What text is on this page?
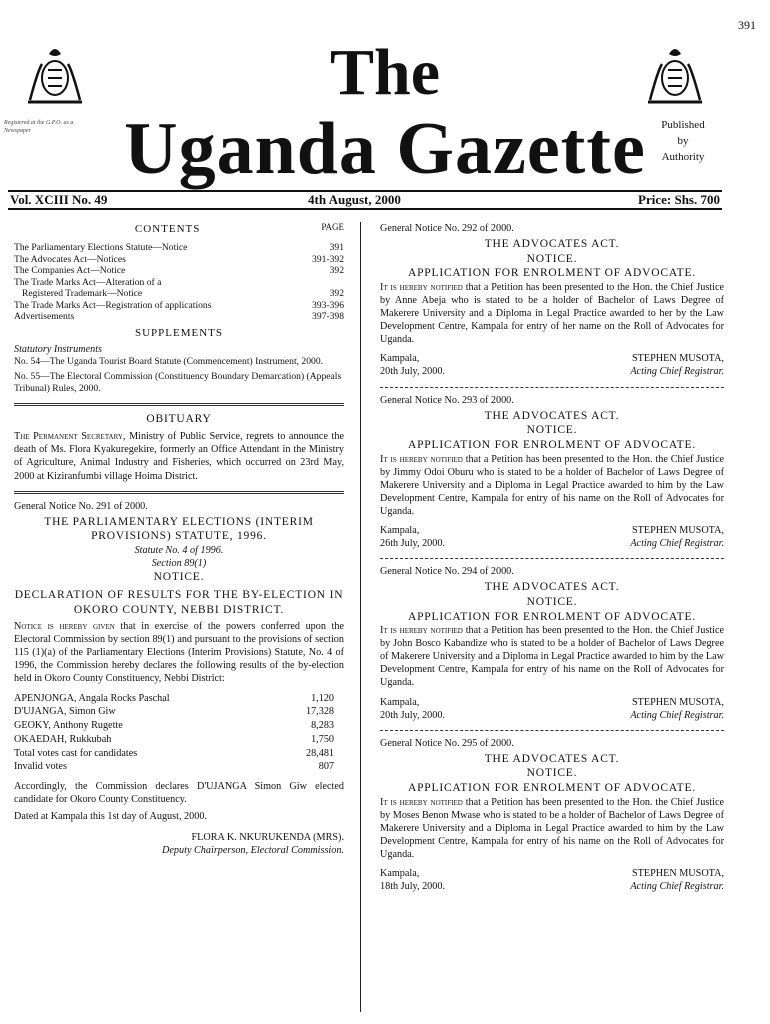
391
The
Uganda Gazette
Registered at the G.P.O. as a Newspaper	Published
by
Authority
Vol. XCIII No. 49	4th August, 2000	Price: Shs. 700
CONTENTS	PAGE
The Parliamentary Elections Statute—Notice	391
The Advocates Act—Notices	391-392
The Companies Act—Notice	392
The Trade Marks Act—Alteration of a
Registered Trademark—Notice	392
The Trade Marks Act—Registration of applications	393-396
Advertisements	397-398
SUPPLEMENTS
Statutory Instruments
No. 54—The Uganda Tourist Board Statute (Commencement) Instrument, 2000.
No. 55—The Electoral Commission (Constituency Boundary Demarcation) (Appeals Tribunal) Rules, 2000.
OBITUARY
The Permanent Secretary, Ministry of Public Service, regrets to announce the death of Ms. Flora Kyakuregekire, formerly an Office Attendant in the Ministry of Agriculture, Animal Industry and Fisheries, which occurred on 23rd May, 2000 at Kiziranfumbi village Hoima District.
General Notice No. 291 of 2000.
THE PARLIAMENTARY ELECTIONS (INTERIM PROVISIONS) STATUTE, 1996.
Statute No. 4 of 1996.
Section 89(1)
NOTICE.
DECLARATION OF RESULTS FOR THE BY-ELECTION IN OKORO COUNTY, NEBBI DISTRICT.
Notice is hereby given that in exercise of the powers conferred upon the Electoral Commission by section 89(1) and pursuant to the provisions of section 115 (1)(a) of the Parliamentary Elections (Interim Provisions) Statute, No. 4 of 1996, the Commission hereby declares the following results of the by-election held in Okoro County Constituency, Nebbi District:
APENJONGA, Angala Rocks Paschal	1,120
D'UJANGA, Simon Giw	17,328
GEOKY, Anthony Rugette	8,283
OKAEDAH, Rukkubah	1,750
Total votes cast for candidates	28,481
Invalid votes	807
Accordingly, the Commission declares D'UJANGA Simon Giw elected candidate for Okoro County Constituency.
Dated at Kampala this 1st day of August, 2000.
FLORA K. NKURUKENDA (MRS).
Deputy Chairperson, Electoral Commission.
General Notice No. 292 of 2000.
THE ADVOCATES ACT.
NOTICE.
APPLICATION FOR ENROLMENT OF ADVOCATE.
It is hereby notified that a Petition has been presented to the Hon. the Chief Justice by Anne Abeja who is stated to be a holder of Bachelor of Laws Degree of Makerere University and a Diploma in Legal Practice awarded to her by the Law Development Centre, Kampala for entry of her name on the Roll of Advocates for Uganda.
Kampala,
20th July, 2000.
STEPHEN MUSOTA,
Acting Chief Registrar.
General Notice No. 293 of 2000.
THE ADVOCATES ACT.
NOTICE.
APPLICATION FOR ENROLMENT OF ADVOCATE.
It is hereby notified that a Petition has been presented to the Hon. the Chief Justice by Jimmy Odoi Oburu who is stated to be a holder of Bachelor of Laws Degree of Makerere University and a Diploma in Legal Practice awarded to him by the Law Development Centre, Kampala for entry of his name on the Roll of Advocates for Uganda.
Kampala,
26th July, 2000.
STEPHEN MUSOTA,
Acting Chief Registrar.
General Notice No. 294 of 2000.
THE ADVOCATES ACT.
NOTICE.
APPLICATION FOR ENROLMENT OF ADVOCATE.
It is hereby notified that a Petition has been presented to the Hon. the Chief Justice by John Bosco Kabandize who is stated to be a holder of Bachelor of Laws Degree of Makerere University and a Diploma in Legal Practice awarded to him by the Law Development Centre, Kampala for entry of his name on the Roll of Advocates for Uganda.
Kampala,
20th July, 2000.
STEPHEN MUSOTA,
Acting Chief Registrar.
General Notice No. 295 of 2000.
THE ADVOCATES ACT.
NOTICE.
APPLICATION FOR ENROLMENT OF ADVOCATE.
It is hereby notified that a Petition has been presented to the Hon. the Chief Justice by Moses Benon Mwase who is stated to be a holder of Bachelor of Laws Degree of Makerere University and a Diploma in Legal Practice awarded to him by the Law Development Centre, Kampala for entry of his name on the Roll of Advocates for Uganda.
Kampala,
18th July, 2000.
STEPHEN MUSOTA,
Acting Chief Registrar.
